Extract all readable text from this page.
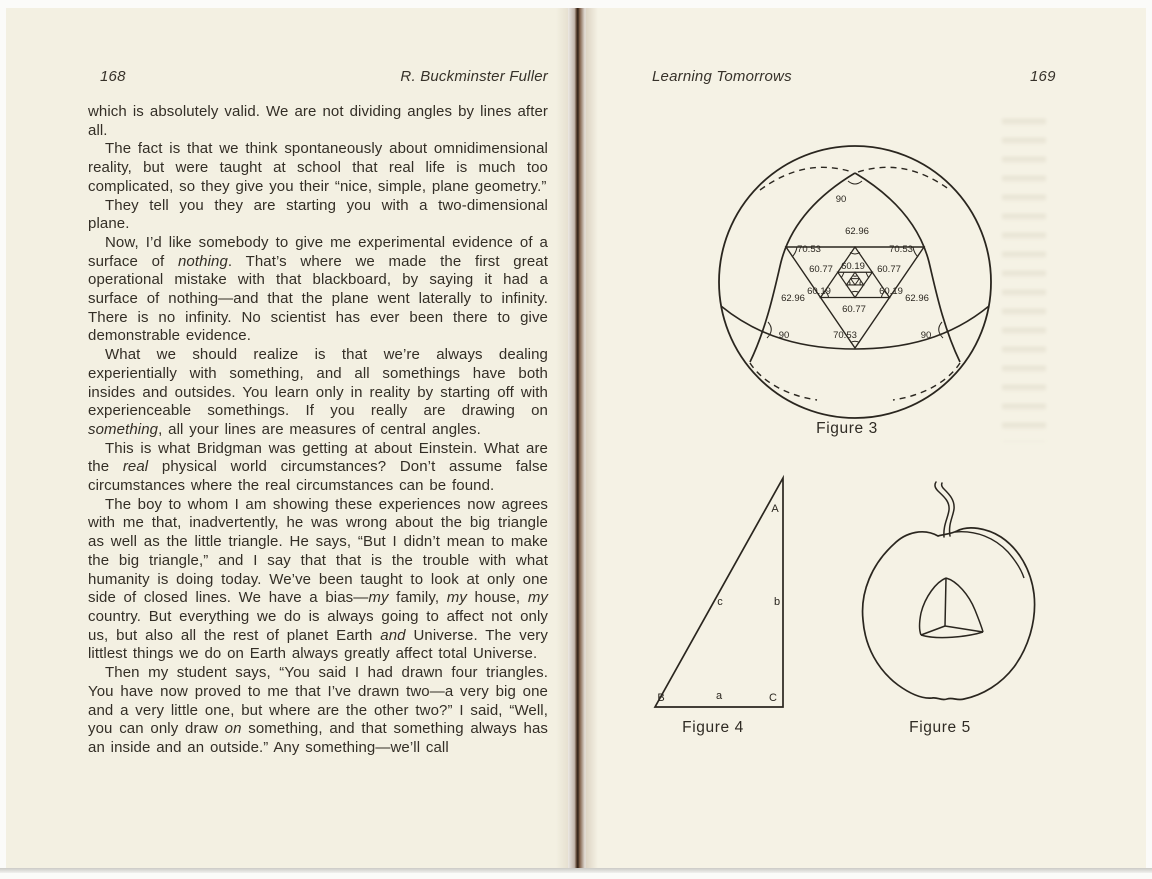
168	R. Buckminster Fuller

which is absolutely valid. We are not dividing angles by lines after all.

The fact is that we think spontaneously about omnidimensional reality, but were taught at school that real life is much too complicated, so they give you their “nice, simple, plane geometry.”

They tell you they are starting you with a two-dimensional plane.

Now, I’d like somebody to give me experimental evidence of a surface of nothing. That’s where we made the first great operational mistake with that blackboard, by saying it had a surface of nothing—and that the plane went laterally to infinity. There is no infinity. No scientist has ever been there to give demonstrable evidence.

What we should realize is that we’re always dealing experientially with something, and all somethings have both insides and outsides. You learn only in reality by starting off with experienceable somethings. If you really are drawing on something, all your lines are measures of central angles.

This is what Bridgman was getting at about Einstein. What are the real physical world circumstances? Don’t assume false circumstances where the real circumstances can be found.

The boy to whom I am showing these experiences now agrees with me that, inadvertently, he was wrong about the big triangle as well as the little triangle. He says, “But I didn’t mean to make the big triangle,” and I say that that is the trouble with what humanity is doing today. We’ve been taught to look at only one side of closed lines. We have a bias—my family, my house, my country. But everything we do is always going to affect not only us, but also all the rest of planet Earth and Universe. The very littlest things we do on Earth always greatly affect total Universe.

Then my student says, “You said I had drawn four triangles. You have now proved to me that I’ve drawn two—a very big one and a very little one, but where are the other two?” I said, “Well, you can only draw on something, and that something always has an inside and an outside.” Any something—we’ll call

Learning Tomorrows	169
90
90	90
70.53	70.53
70.53
62.96
62.96	62.96
60.77	60.77
60.77
60.19
60.19	60.19
Figure 3
A
B	C
a
b
c
Figure 4	Figure 5
